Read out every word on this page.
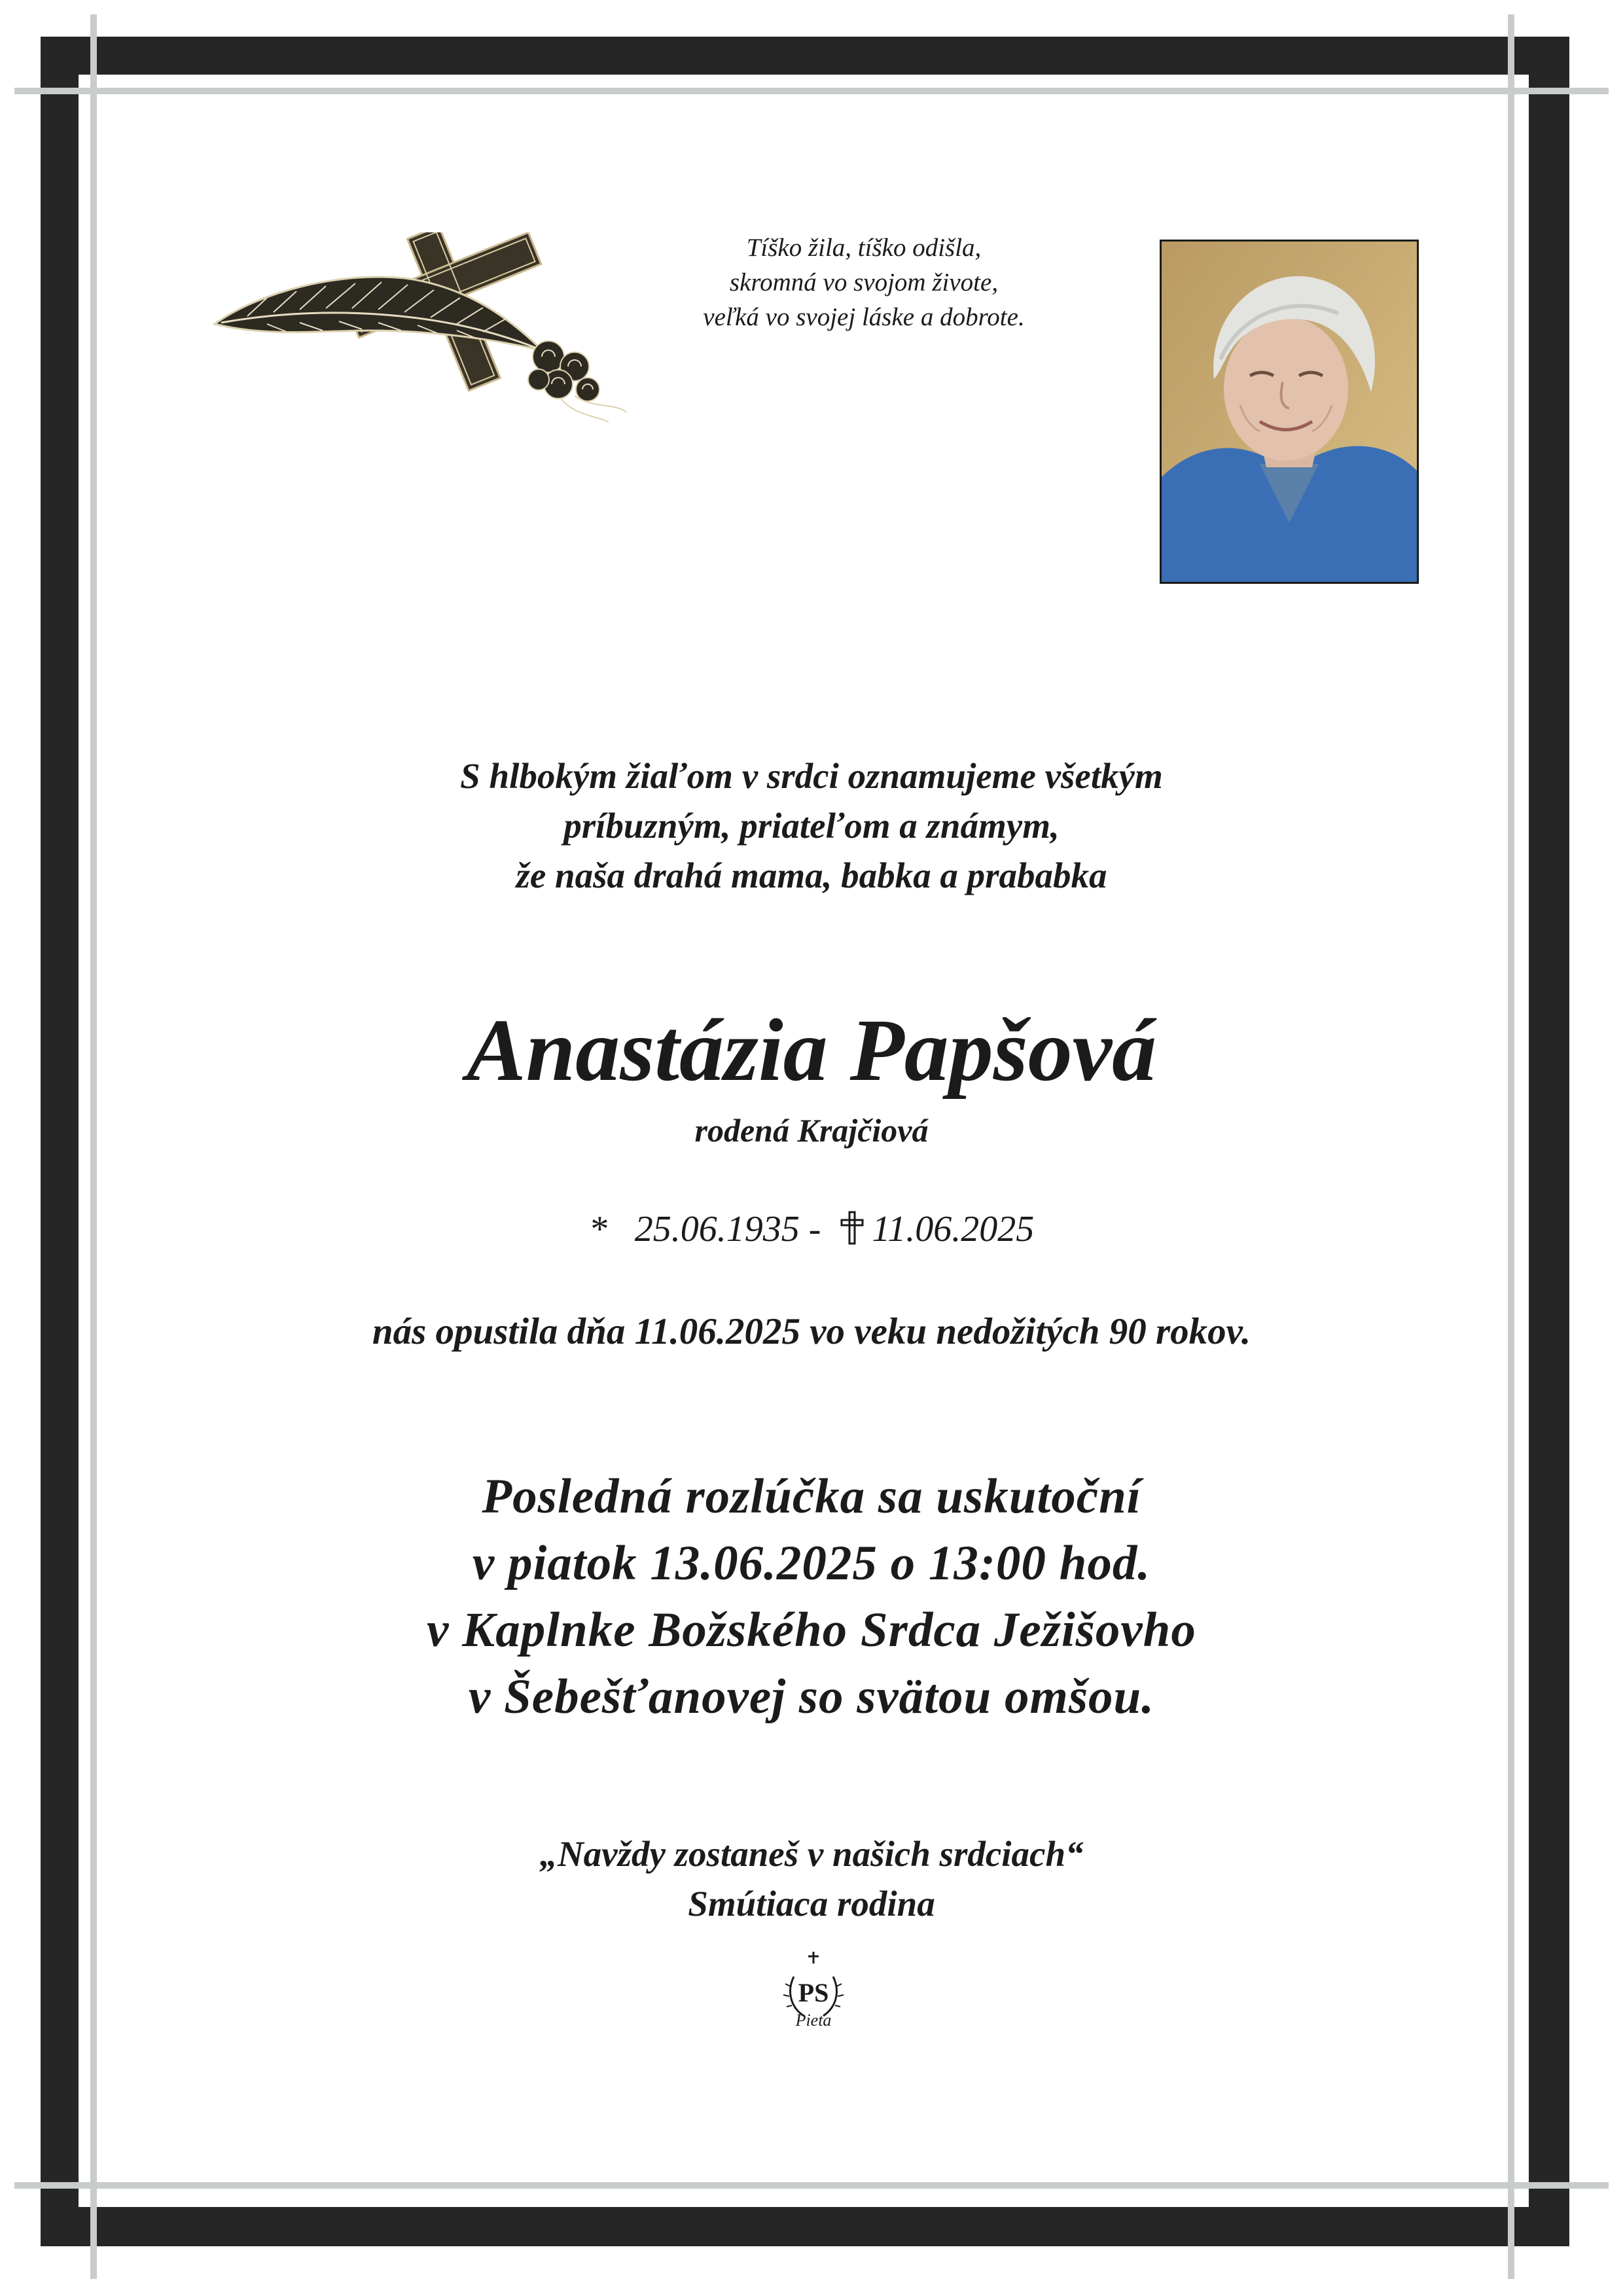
Tíško žila, tíško odišla,
skromná vo svojom živote,
veľká vo svojej láske a dobrote.
S hlbokým žiaľom v srdci oznamujeme všetkým
príbuzným, priateľom a známym,
že naša drahá mama, babka a prababka
Anastázia Papšová
rodená Krajčiová
* 25.06.1935 - 11.06.2025
nás opustila dňa 11.06.2025 vo veku nedožitých 90 rokov.
Posledná rozlúčka sa uskutoční
v piatok 13.06.2025 o 13:00 hod.
v Kaplnke Božského Srdca Ježišovho
v Šebešťanovej so svätou omšou.
„Navždy zostaneš v našich srdciach“
Smútiaca rodina
PS
Pieta
